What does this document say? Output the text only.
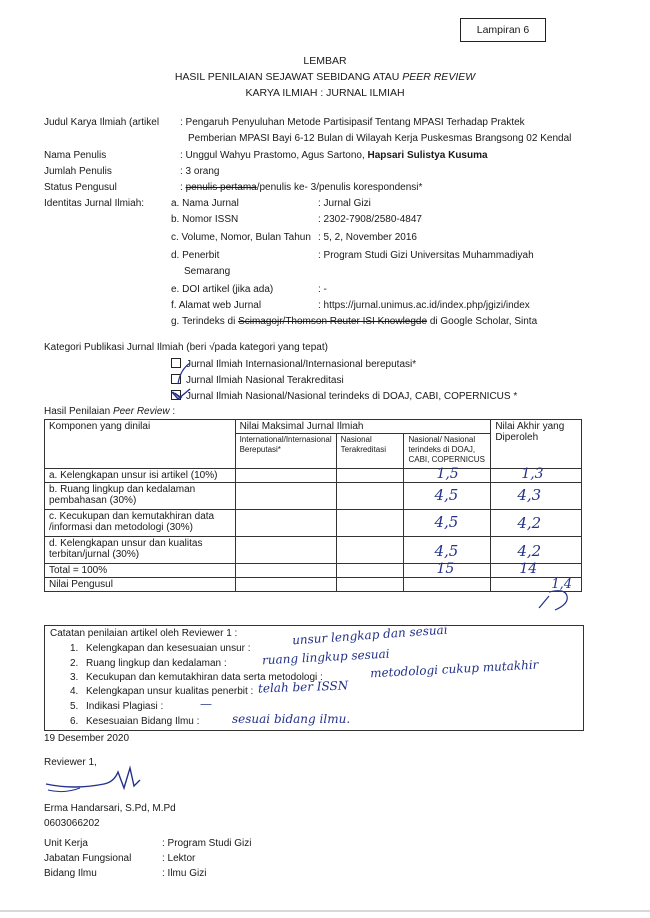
Lampiran 6
LEMBAR
HASIL PENILAIAN SEJAWAT SEBIDANG ATAU PEER REVIEW
KARYA ILMIAH : JURNAL ILMIAH
Judul Karya Ilmiah (artikel : Pengaruh Penyuluhan Metode Partisipasif Tentang MPASI Terhadap Praktek
Pemberian MPASI Bayi 6-12 Bulan di Wilayah Kerja Puskesmas Brangsong 02 Kendal
Nama Penulis	: Unggul Wahyu Prastomo, Agus Sartono, Hapsari Sulistya Kusuma
Jumlah Penulis	: 3 orang
Status Pengusul	: penulis pertama/penulis ke- 3/penulis korespondensi*
Identitas Jurnal Ilmiah:	a. Nama Jurnal	: Jurnal Gizi
b. Nomor ISSN	: 2302-7908/2580-4847
c. Volume, Nomor, Bulan Tahun : 5, 2, November 2016
d. Penerbit	: Program Studi Gizi Universitas Muhammadiyah
Semarang
e. DOI artikel (jika ada)	: -
f. Alamat web Jurnal	: https://jurnal.unimus.ac.id/index.php/jgizi/index
g. Terindeks di Scimagojr/Thomson Reuter ISI Knowlegde di Google Scholar, Sinta
Kategori Publikasi Jurnal Ilmiah (beri √pada kategori yang tepat)
Jurnal Ilmiah Internasional/Internasional bereputasi*
Jurnal Ilmiah Nasional Terakreditasi
Jurnal Ilmiah Nasional/Nasional terindeks di DOAJ, CABI, COPERNICUS *
Hasil Penilaian Peer Review :
Komponen yang dinilai	Nilai Maksimal Jurnal Ilmiah			Nilai Akhir yang Diperoleh
	International/Internasional Bereputasi*	Nasional Terakreditasi	Nasional/ Nasional terindeks di DOAJ, CABI, COPERNICUS	
a. Kelengkapan unsur isi artikel (10%)			1,5	1,3

b. Ruang lingkup dan kedalaman pembahasan (30%)			4,5	4,3

c. Kecukupan dan kemutakhiran data /informasi dan metodologi (30%)			4,5	4,2

d. Kelengkapan unsur dan kualitas terbitan/jurnal (30%)			4,5	4,2

Total = 100%			15	14

Nilai Pengusul				1,4
Catatan penilaian artikel oleh Reviewer 1 :
1. Kelengkapan dan kesesuaian unsur :
unsur lengkap dan sesuai
2. Ruang lingkup dan kedalaman :	ruang lingkup sesuai
3. Kecukupan dan kemutakhiran data serta metodologi :	metodologi cukup mutakhir
4. Kelengkapan unsur kualitas penerbit : telah ber ISSN
5. Indikasi Plagiasi :	—
6. Kesesuaian Bidang Ilmu :	sesuai bidang ilmu.
19 Desember 2020
Reviewer 1,
Erma Handarsari, S.Pd, M.Pd
0603066202
Unit Kerja	: Program Studi Gizi
Jabatan Fungsional	: Lektor
Bidang Ilmu	: Ilmu Gizi
